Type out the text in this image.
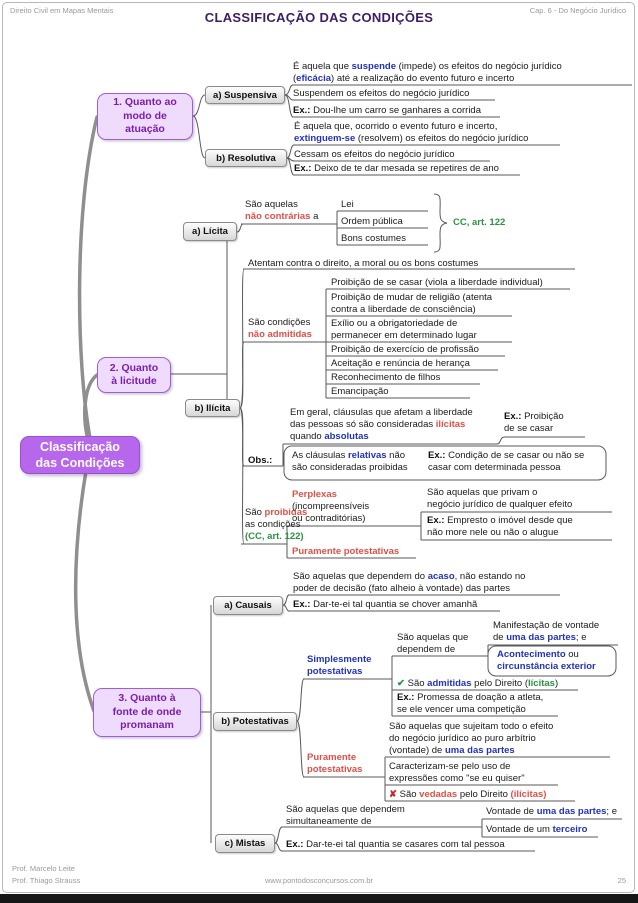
Direito Civil em Mapas Mentais	CLASSIFICAÇÃO DAS CONDIÇÕES	Cap. 6 - Do Negócio Jurídico
Prof. Marcelo Leite
Prof. Thiago Strauss	www.pontodosconcursos.com.br	25
Classificação
das Condições
1. Quanto ao
modo de
atuação
2. Quanto
à licitude
3. Quanto à
fonte de onde
promanam
a) Suspensiva
b) Resolutiva
a) Lícita
b) Ilícita
a) Causais
b) Potestativas
c) Mistas
É aquela que suspende (impede) os efeitos do negócio jurídico
(eficácia) até a realização do evento futuro e incerto
Suspendem os efeitos do negócio jurídico
Ex.: Dou-lhe um carro se ganhares a corrida
É aquela que, ocorrido o evento futuro e incerto,
extinguem-se (resolvem) os efeitos do negócio jurídico
Cessam os efeitos do negócio jurídico
Ex.: Deixo de te dar mesada se repetires de ano
São aquelas
não contrárias a
Lei
Ordem pública
Bons costumes
CC, art. 122
Atentam contra o direito, a moral ou os bons costumes
São condições
não admitidas
Proibição de se casar (viola a liberdade individual)
Proibição de mudar de religião (atenta
contra a liberdade de consciência)
Exílio ou a obrigatoriedade de
permanecer em determinado lugar
Proibição de exercício de profissão
Aceitação e renúncia de herança
Reconhecimento de filhos
Emancipação
Obs.:
Em geral, cláusulas que afetam a liberdade
das pessoas só são consideradas ilícitas
quando absolutas
Ex.: Proibição
de se casar
As cláusulas relativas não
são consideradas proibidas
Ex.: Condição de se casar ou não se
casar com determinada pessoa
São proibidas
as condições
(CC, art. 122)
Perplexas
(incompreensíveis
ou contraditórias)
São aquelas que privam o
negócio jurídico de qualquer efeito
Ex.: Empresto o imóvel desde que
não more nele ou não o alugue
Puramente potestativas
São aquelas que dependem do acaso, não estando no
poder de decisão (fato alheio à vontade) das partes
Ex.: Dar-te-ei tal quantia se chover amanhã
Simplesmente
potestativas
São aquelas que
dependem de
Manifestação de vontade
de uma das partes; e
Acontecimento ou
circunstância exterior
✔ São admitidas pelo Direito (lícitas)
Ex.: Promessa de doação a atleta,
se ele vencer uma competição
Puramente
potestativas
São aquelas que sujeitam todo o efeito
do negócio jurídico ao puro arbítrio
(vontade) de uma das partes
Caracterizam-se pelo uso de
expressões como "se eu quiser"
✘ São vedadas pelo Direito (ilícitas)
São aquelas que dependem
simultaneamente de
Vontade de uma das partes; e
Vontade de um terceiro
Ex.: Dar-te-ei tal quantia se casares com tal pessoa
